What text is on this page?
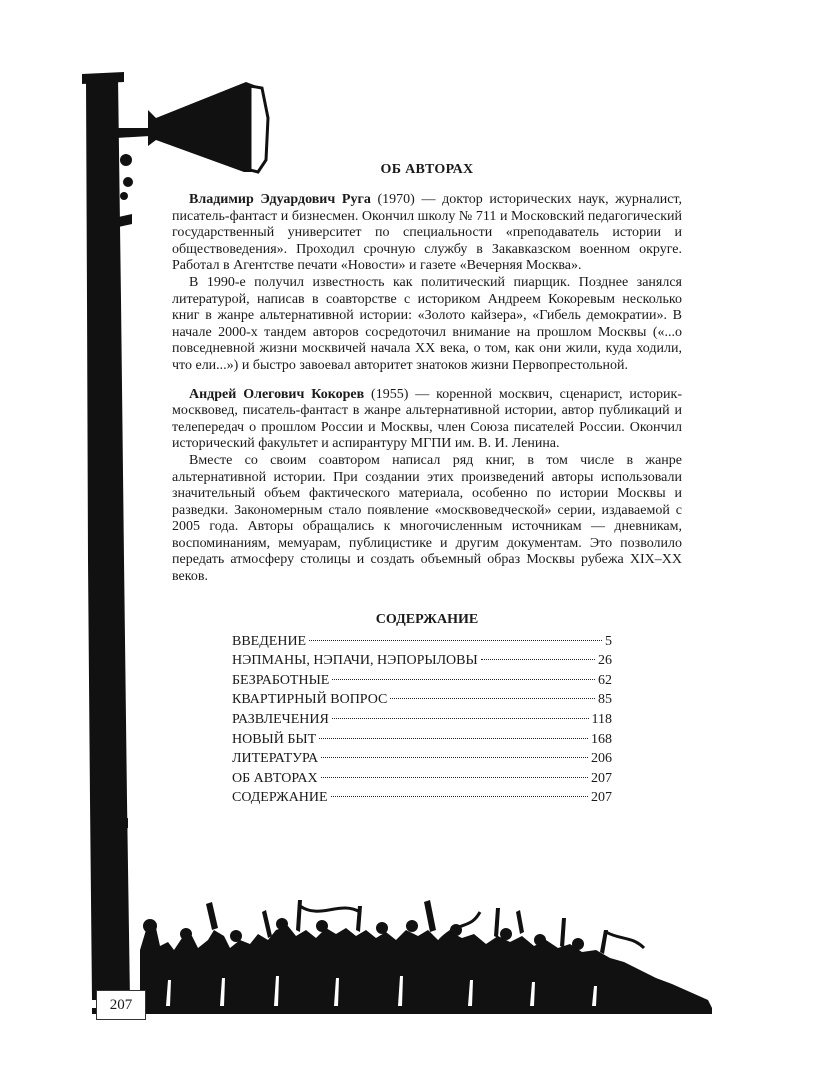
ОБ АВТОРАХ

Владимир Эдуардович Руга (1970) — доктор исторических наук, журналист, писатель-фантаст и бизнесмен. Окончил школу № 711 и Московский педагогический государственный университет по специальности «преподаватель истории и обществоведения». Проходил срочную службу в Закавказском военном округе. Работал в Агентстве печати «Новости» и газете «Вечерняя Москва».

В 1990-е получил известность как политический пиарщик. Позднее занялся литературой, написав в соавторстве с историком Андреем Кокоревым несколько книг в жанре альтернативной истории: «Золото кайзера», «Гибель демократии». В начале 2000-х тандем авторов сосредоточил внимание на прошлом Москвы («...о повседневной жизни москвичей начала XX века, о том, как они жили, куда ходили, что ели...») и быстро завоевал авторитет знатоков жизни Первопрестольной.

Андрей Олегович Кокорев (1955) — коренной москвич, сценарист, историк-москвовед, писатель-фантаст в жанре альтернативной истории, автор публикаций и телепередач о прошлом России и Москвы, член Союза писателей России. Окончил исторический факультет и аспирантуру МГПИ им. В. И. Ленина.

Вместе со своим соавтором написал ряд книг, в том числе в жанре альтернативной истории. При создании этих произведений авторы использовали значительный объем фактического материала, особенно по истории Москвы и разведки. Закономерным стало появление «москвоведческой» серии, издаваемой с 2005 года. Авторы обращались к многочисленным источникам — дневникам, воспоминаниям, мемуарам, публицистике и другим документам. Это позволило передать атмосферу столицы и создать объемный образ Москвы рубежа XIX–XX веков.

СОДЕРЖАНИЕ
ВВЕДЕНИЕ	5
НЭПМАНЫ, НЭПАЧИ, НЭПОРЫЛОВЫ	26
БЕЗРАБОТНЫЕ	62
КВАРТИРНЫЙ ВОПРОС	85
РАЗВЛЕЧЕНИЯ	118
НОВЫЙ БЫТ	168
ЛИТЕРАТУРА	206
ОБ АВТОРАХ	207
СОДЕРЖАНИЕ	207
207
